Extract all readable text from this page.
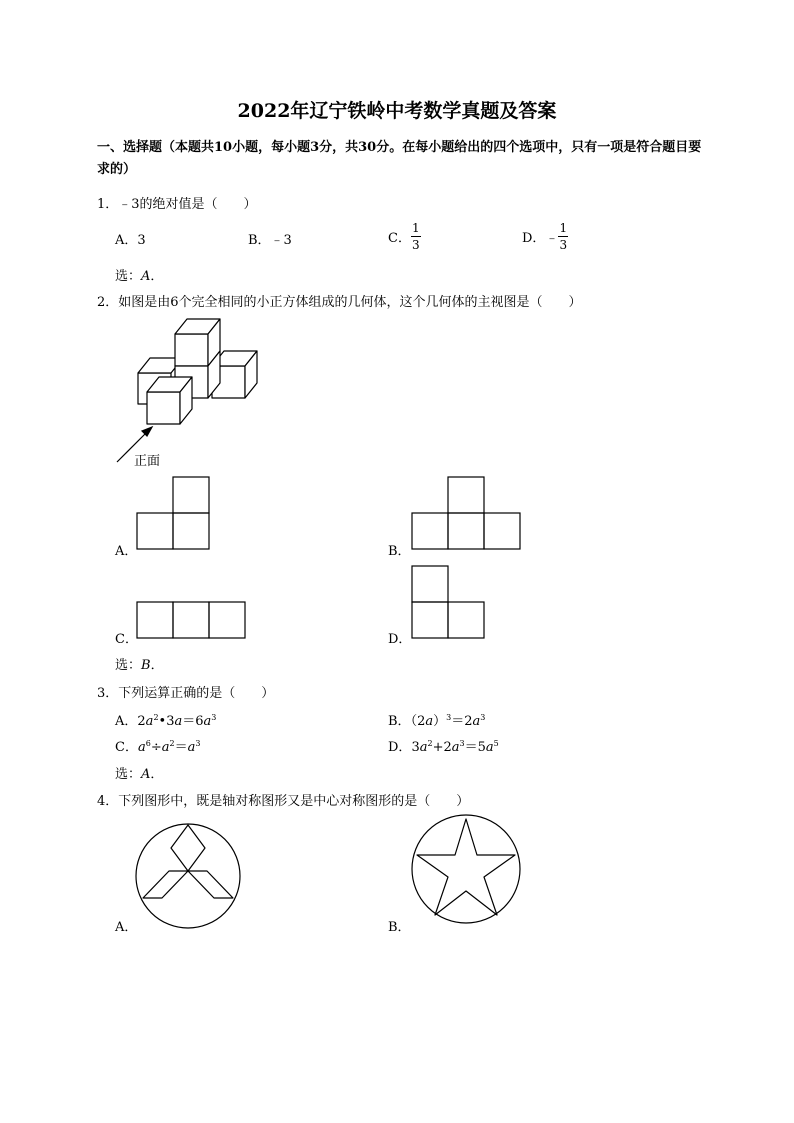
2022年辽宁铁岭中考数学真题及答案
一、选择题（本题共10小题，每小题3分，共30分。在每小题给出的四个选项中，只有一项是符合题目要求的）
1．﹣3的绝对值是（　　）
A．3	B．﹣3	C． $\frac{1}{3}$	D．﹣ $\frac{1}{3}$
选：A．
2．如图是由6个完全相同的小正方体组成的几何体，这个几何体的主视图是（　　）
正面
A．	B．
C．	D．
选：B．
3．下列运算正确的是（　　）
A．$2a^2•3a=6a^3$	B．$(2a)^3=2a^3$
C．$a^6\div a^2=a^3$	D．$3a^2+2a^3=5a^5$
选：A．
4．下列图形中，既是轴对称图形又是中心对称图形的是（　　）
A．	B．
